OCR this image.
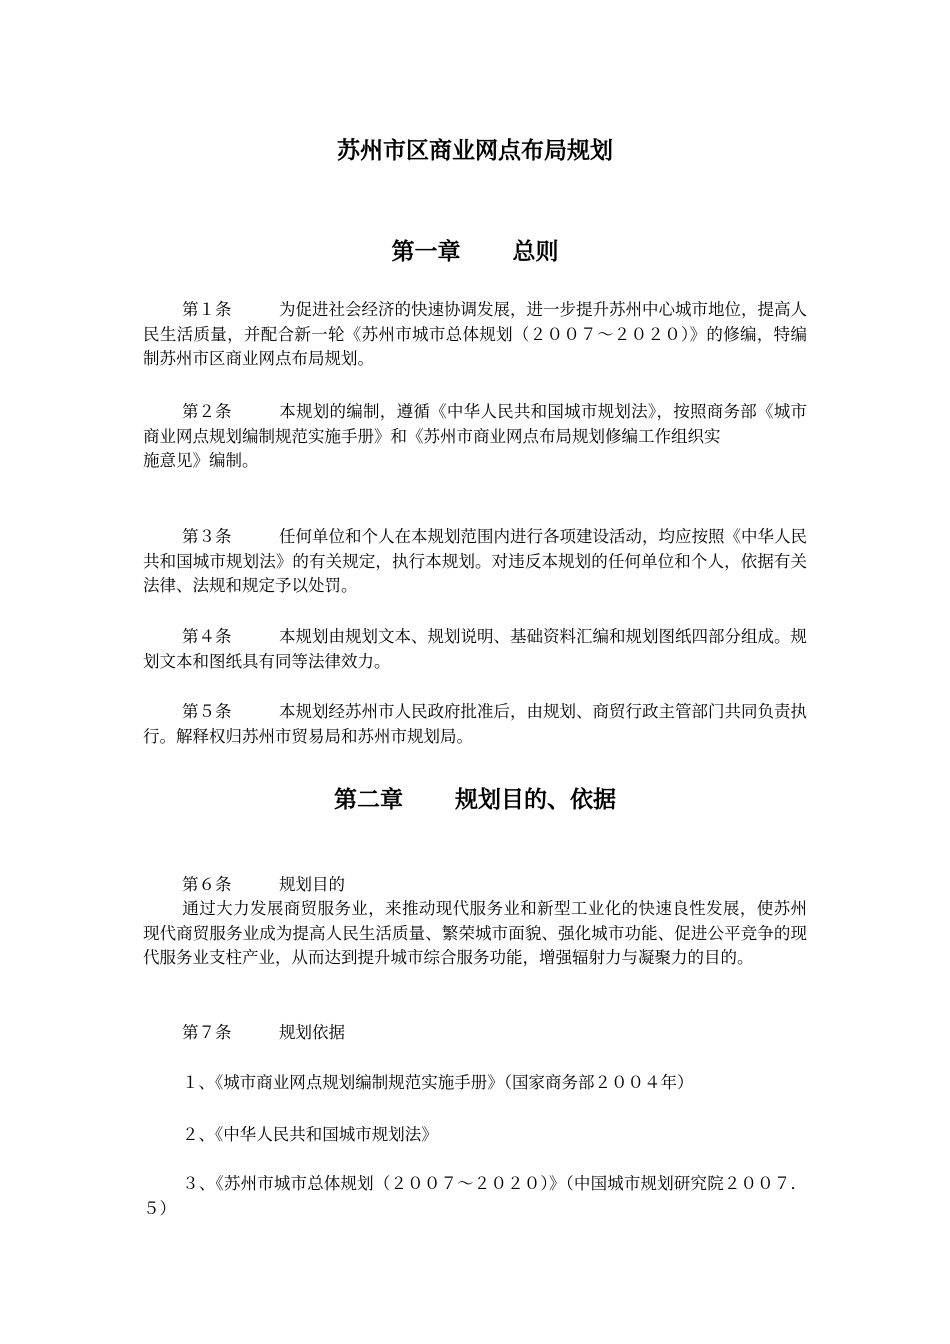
苏州市区商业网点布局规划
第一章 总则

第１条	为促进社会经济的快速协调发展，进一步提升苏州中心城市地位，提高人民生活质量，并配合新一轮《苏州市城市总体规划（２００７～２０２０）》的修编，特编制苏州市区商业网点布局规划。

第２条	本规划的编制，遵循《中华人民共和国城市规划法》，按照商务部《城市商业网点规划编制规范实施手册》和《苏州市商业网点布局规划修编工作组织实
施意见》编制。

第３条	任何单位和个人在本规划范围内进行各项建设活动，均应按照《中华人民共和国城市规划法》的有关规定，执行本规划。对违反本规划的任何单位和个人，依据有关法律、法规和规定予以处罚。

第４条	本规划由规划文本、规划说明、基础资料汇编和规划图纸四部分组成。规划文本和图纸具有同等法律效力。

第５条	本规划经苏州市人民政府批准后，由规划、商贸行政主管部门共同负责执行。解释权归苏州市贸易局和苏州市规划局。

第二章 规划目的、依据

第６条	规划目的

通过大力发展商贸服务业，来推动现代服务业和新型工业化的快速良性发展，使苏州现代商贸服务业成为提高人民生活质量、繁荣城市面貌、强化城市功能、促进公平竞争的现代服务业支柱产业，从而达到提升城市综合服务功能，增强辐射力与凝聚力的目的。

第７条	规划依据

１、《城市商业网点规划编制规范实施手册》（国家商务部２００４年）

２、《中华人民共和国城市规划法》

３、《苏州市城市总体规划（２００７～２０２０）》（中国城市规划研究院２００７．５）
